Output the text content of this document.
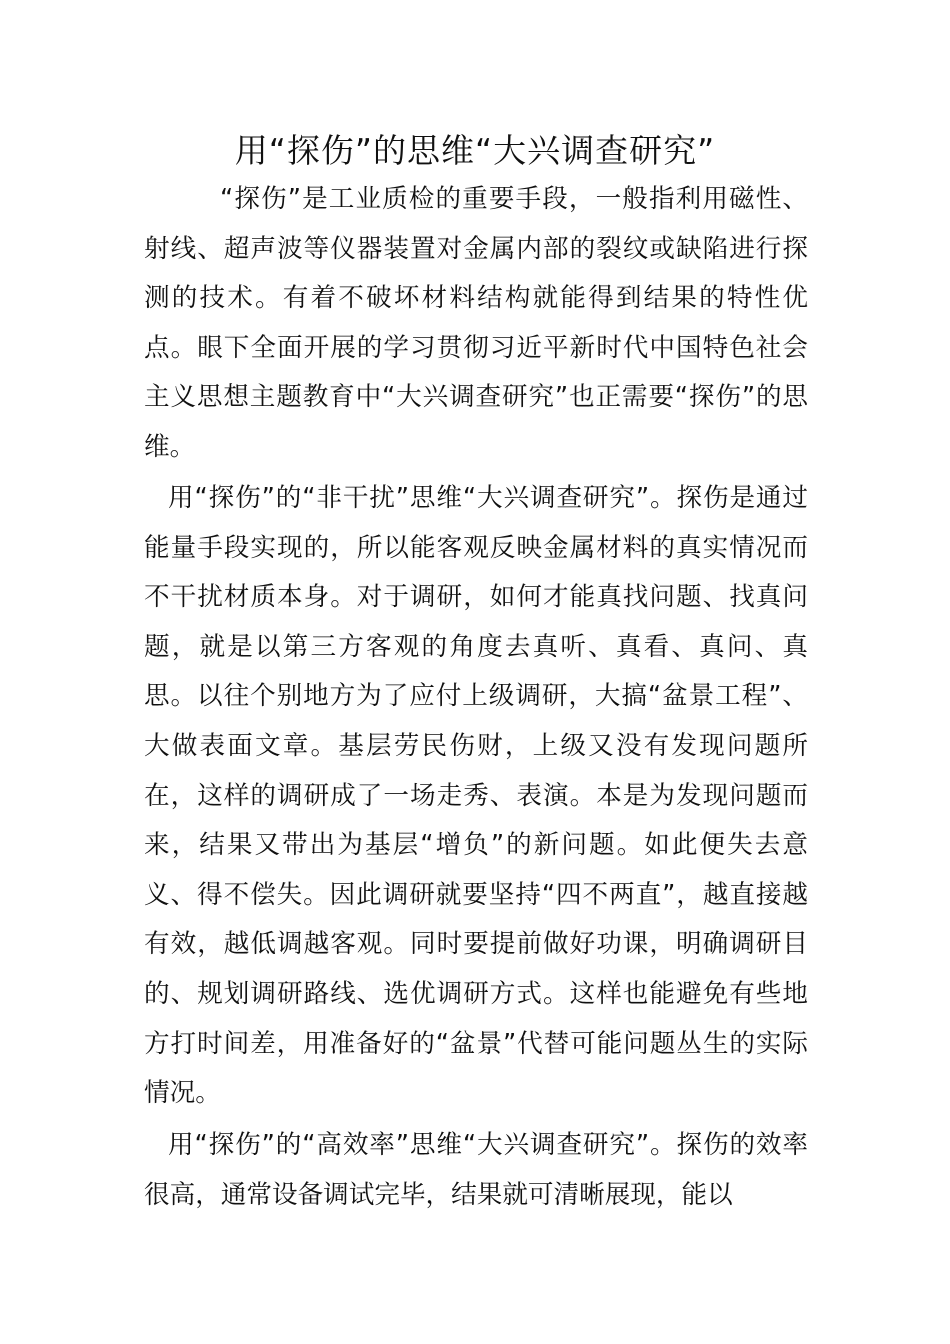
用“探伤”的思维“大兴调查研究”

“探伤”是工业质检的重要手段，一般指利用磁性、射线、超声波等仪器装置对金属内部的裂纹或缺陷进行探测的技术。有着不破坏材料结构就能得到结果的特性优点。眼下全面开展的学习贯彻习近平新时代中国特色社会主义思想主题教育中“大兴调查研究”也正需要“探伤”的思维。

用“探伤”的“非干扰”思维“大兴调查研究”。探伤是通过能量手段实现的，所以能客观反映金属材料的真实情况而不干扰材质本身。对于调研，如何才能真找问题、找真问题，就是以第三方客观的角度去真听、真看、真问、真思。以往个别地方为了应付上级调研，大搞“盆景工程”、大做表面文章。基层劳民伤财，上级又没有发现问题所在，这样的调研成了一场走秀、表演。本是为发现问题而来，结果又带出为基层“增负”的新问题。如此便失去意义、得不偿失。因此调研就要坚持“四不两直”，越直接越有效，越低调越客观。同时要提前做好功课，明确调研目的、规划调研路线、选优调研方式。这样也能避免有些地方打时间差，用准备好的“盆景”代替可能问题丛生的实际情况。

用“探伤”的“高效率”思维“大兴调查研究”。探伤的效率很高，通常设备调试完毕，结果就可清晰展现，能以
